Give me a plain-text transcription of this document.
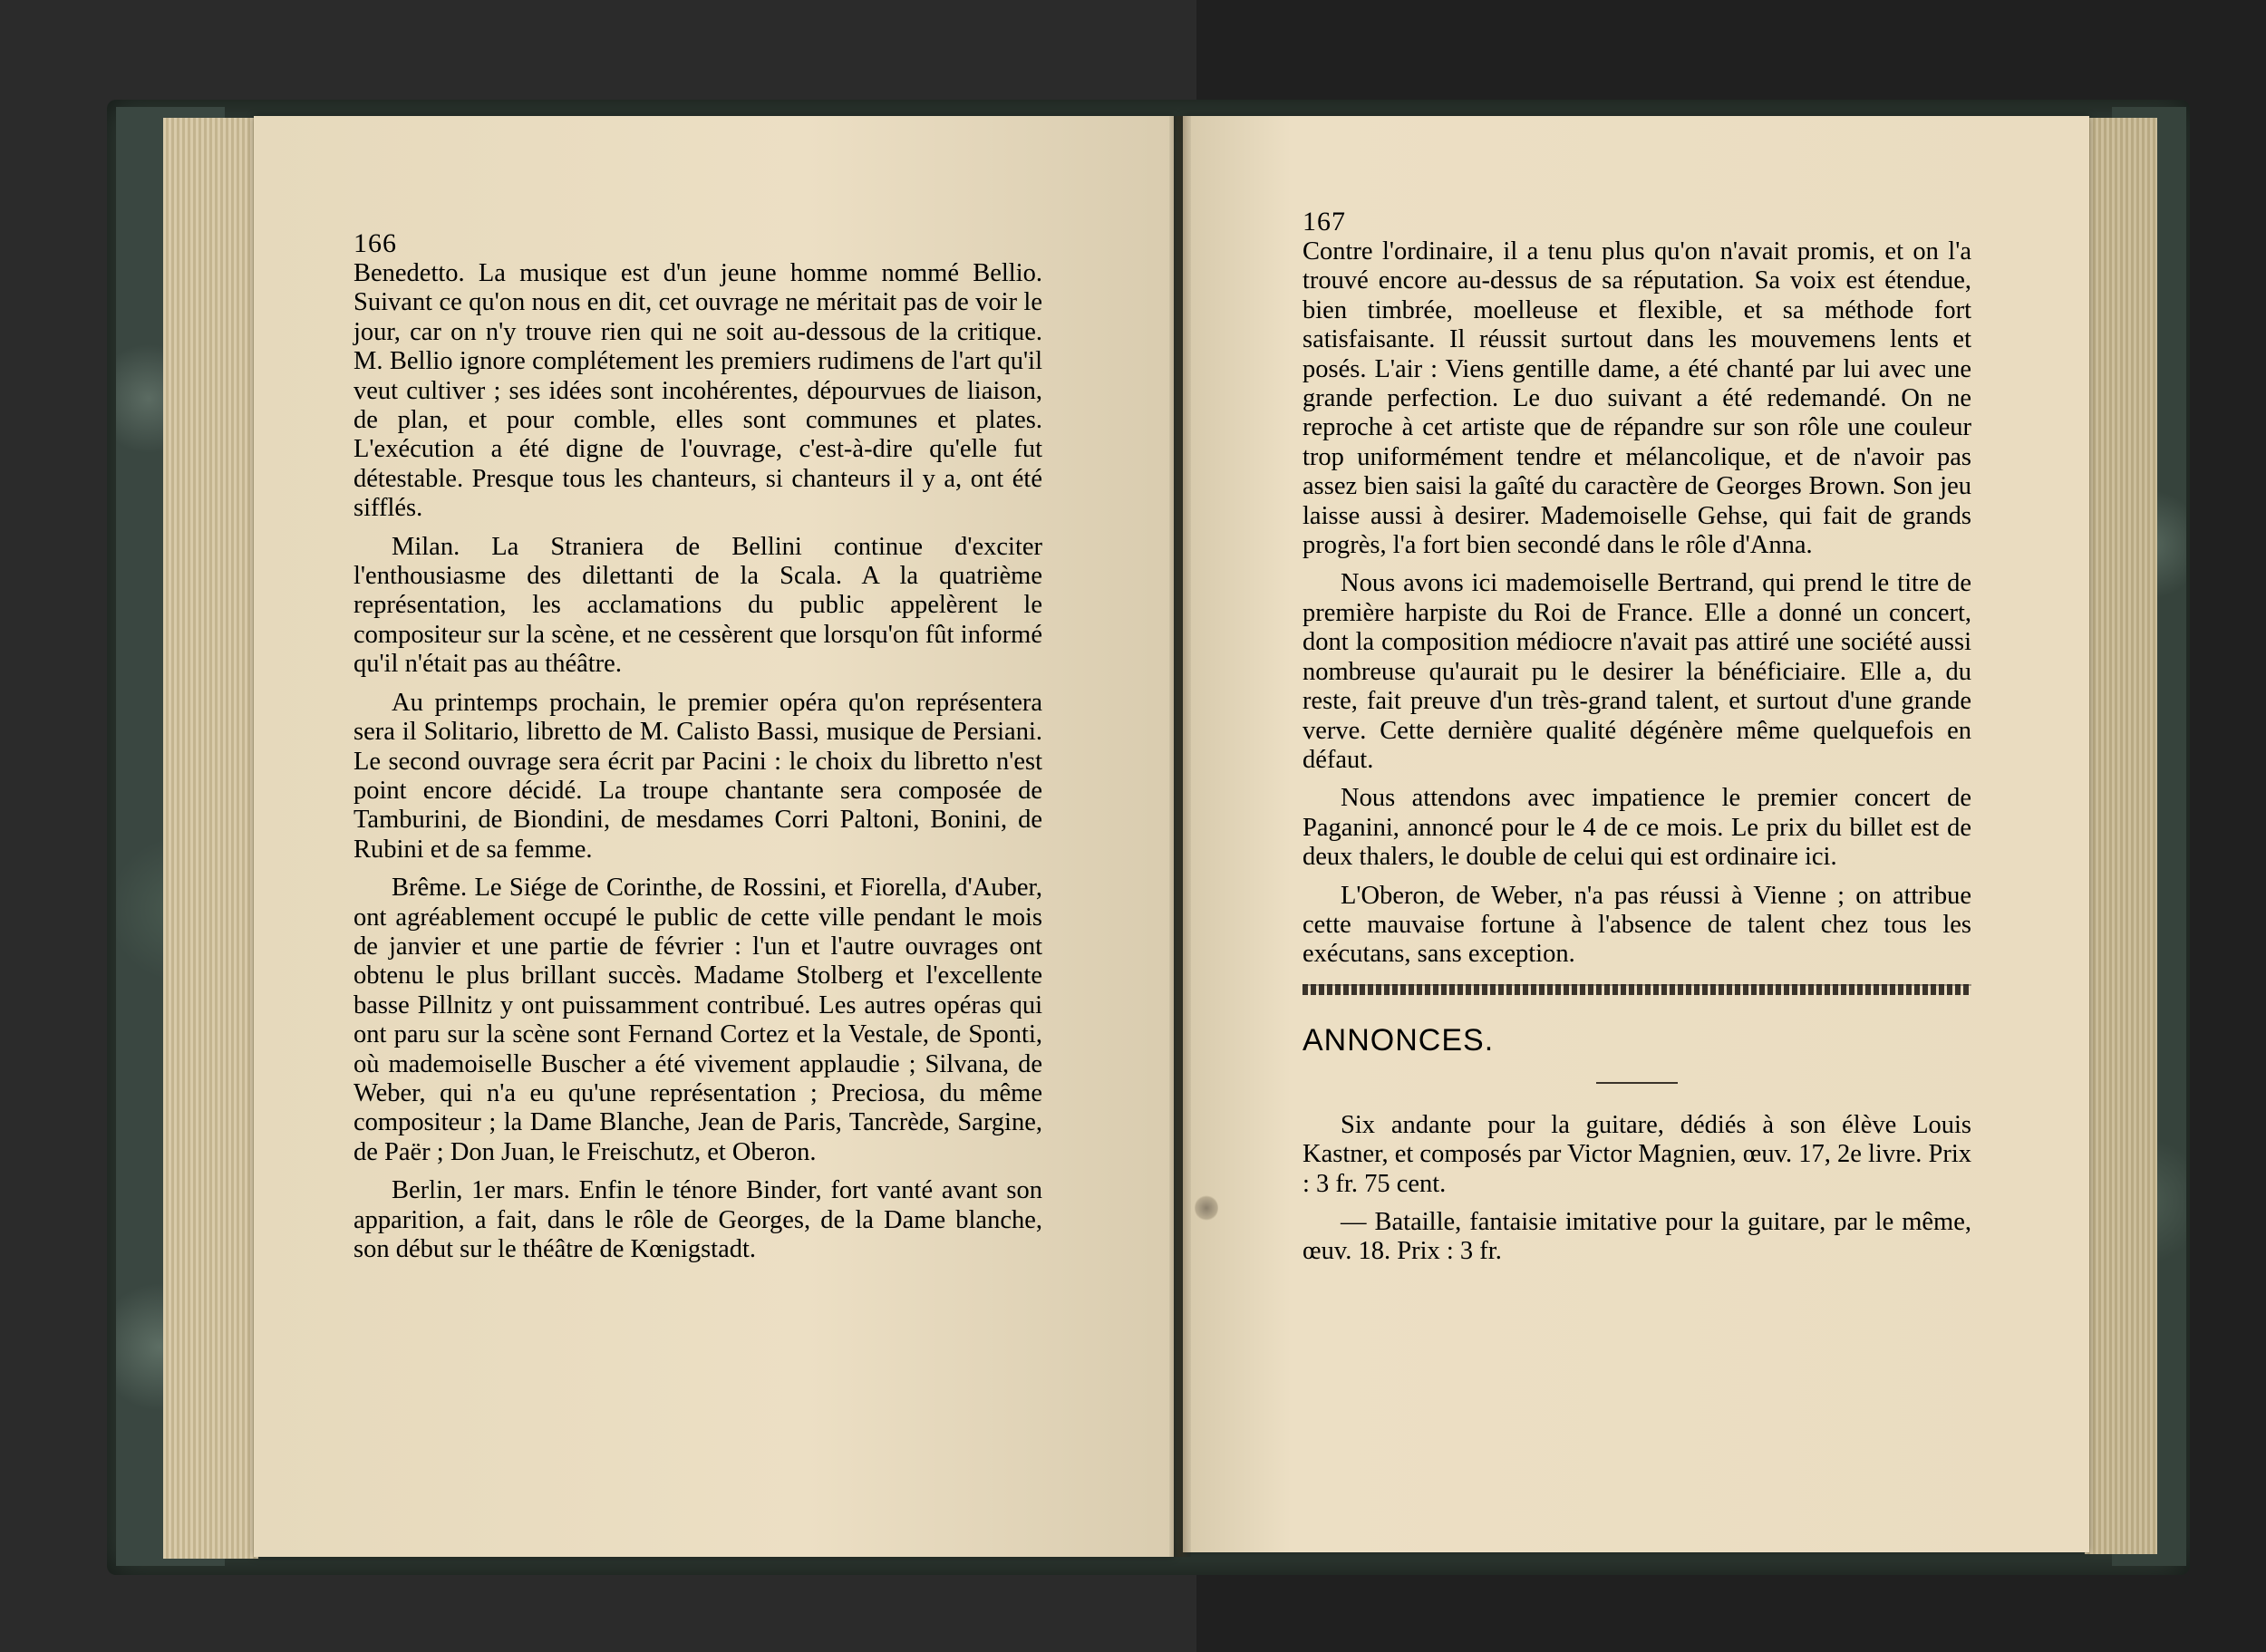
166

Benedetto. La musique est d'un jeune homme nommé Bellio. Suivant ce qu'on nous en dit, cet ouvrage ne méritait pas de voir le jour, car on n'y trouve rien qui ne soit au-dessous de la critique. M. Bellio ignore complétement les premiers rudimens de l'art qu'il veut cultiver ; ses idées sont incohérentes, dépourvues de liaison, de plan, et pour comble, elles sont communes et plates. L'exécution a été digne de l'ouvrage, c'est-à-dire qu'elle fut détestable. Presque tous les chanteurs, si chanteurs il y a, ont été sifflés.

Milan. La Straniera de Bellini continue d'exciter l'enthousiasme des dilettanti de la Scala. A la quatrième représentation, les acclamations du public appelèrent le compositeur sur la scène, et ne cessèrent que lorsqu'on fût informé qu'il n'était pas au théâtre.

Au printemps prochain, le premier opéra qu'on représentera sera il Solitario, libretto de M. Calisto Bassi, musique de Persiani. Le second ouvrage sera écrit par Pacini : le choix du libretto n'est point encore décidé. La troupe chantante sera composée de Tamburini, de Biondini, de mesdames Corri Paltoni, Bonini, de Rubini et de sa femme.

Brême. Le Siége de Corinthe, de Rossini, et Fiorella, d'Auber, ont agréablement occupé le public de cette ville pendant le mois de janvier et une partie de février : l'un et l'autre ouvrages ont obtenu le plus brillant succès. Madame Stolberg et l'excellente basse Pillnitz y ont puissamment contribué. Les autres opéras qui ont paru sur la scène sont Fernand Cortez et la Vestale, de Sponti, où mademoiselle Buscher a été vivement applaudie ; Silvana, de Weber, qui n'a eu qu'une représentation ; Preciosa, du même compositeur ; la Dame Blanche, Jean de Paris, Tancrède, Sargine, de Paër ; Don Juan, le Freischutz, et Oberon.

Berlin, 1er mars. Enfin le ténore Binder, fort vanté avant son apparition, a fait, dans le rôle de Georges, de la Dame blanche, son début sur le théâtre de Kœnigstadt.

167

Contre l'ordinaire, il a tenu plus qu'on n'avait promis, et on l'a trouvé encore au-dessus de sa réputation. Sa voix est étendue, bien timbrée, moelleuse et flexible, et sa méthode fort satisfaisante. Il réussit surtout dans les mouvemens lents et posés. L'air : Viens gentille dame, a été chanté par lui avec une grande perfection. Le duo suivant a été redemandé. On ne reproche à cet artiste que de répandre sur son rôle une couleur trop uniformément tendre et mélancolique, et de n'avoir pas assez bien saisi la gaîté du caractère de Georges Brown. Son jeu laisse aussi à desirer. Mademoiselle Gehse, qui fait de grands progrès, l'a fort bien secondé dans le rôle d'Anna.

Nous avons ici mademoiselle Bertrand, qui prend le titre de première harpiste du Roi de France. Elle a donné un concert, dont la composition médiocre n'avait pas attiré une société aussi nombreuse qu'aurait pu le desirer la bénéficiaire. Elle a, du reste, fait preuve d'un très-grand talent, et surtout d'une grande verve. Cette dernière qualité dégénère même quelquefois en défaut.

Nous attendons avec impatience le premier concert de Paganini, annoncé pour le 4 de ce mois. Le prix du billet est de deux thalers, le double de celui qui est ordinaire ici.

L'Oberon, de Weber, n'a pas réussi à Vienne ; on attribue cette mauvaise fortune à l'absence de talent chez tous les exécutans, sans exception.

ANNONCES.

Six andante pour la guitare, dédiés à son élève Louis Kastner, et composés par Victor Magnien, œuv. 17, 2e livre. Prix : 3 fr. 75 cent.

— Bataille, fantaisie imitative pour la guitare, par le même, œuv. 18. Prix : 3 fr.
